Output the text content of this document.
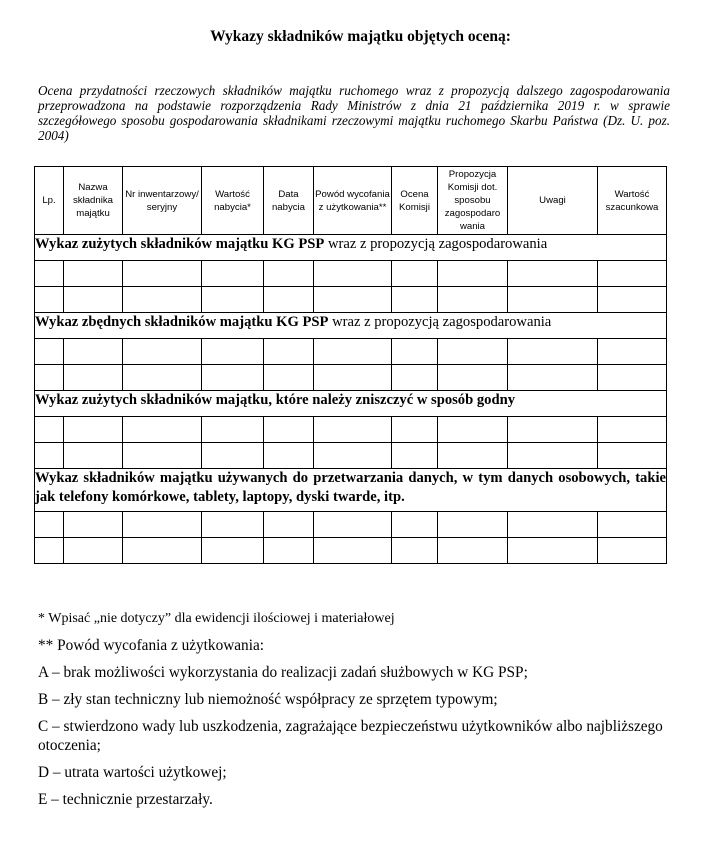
Wykazy składników majątku objętych oceną:
Ocena przydatności rzeczowych składników majątku ruchomego wraz z propozycją dalszego zagospodarowania przeprowadzona na podstawie rozporządzenia Rady Ministrów z dnia 21 października 2019 r. w sprawie szczegółowego sposobu gospodarowania składnikami rzeczowymi majątku ruchomego Skarbu Państwa (Dz. U. poz. 2004)
Lp.	Nazwa składnika majątku	Nr inwentarzowy/ seryjny	Wartość nabycia*	Data nabycia	Powód wycofania z użytkowania**	Ocena Komisji	Propozycja Komisji dot. sposobu zagospodaro wania	Uwagi	Wartość szacunkowa
Wykaz zużytych składników majątku KG PSP wraz z propozycją zagospodarowania									

Wykaz zbędnych składników majątku KG PSP wraz z propozycją zagospodarowania									

Wykaz zużytych składników majątku, które należy zniszczyć w sposób godny									

Wykaz składników majątku używanych do przetwarzania danych, w tym danych osobowych, takie jak telefony komórkowe, tablety, laptopy, dyski twarde, itp.									

* Wpisać „nie dotyczy” dla ewidencji ilościowej i materiałowej

** Powód wycofania z użytkowania:

A – brak możliwości wykorzystania do realizacji zadań służbowych w KG PSP;

B – zły stan techniczny lub niemożność współpracy ze sprzętem typowym;

C – stwierdzono wady lub uszkodzenia, zagrażające bezpieczeństwu użytkowników albo najbliższego otoczenia;

D – utrata wartości użytkowej;

E – technicznie przestarzały.
